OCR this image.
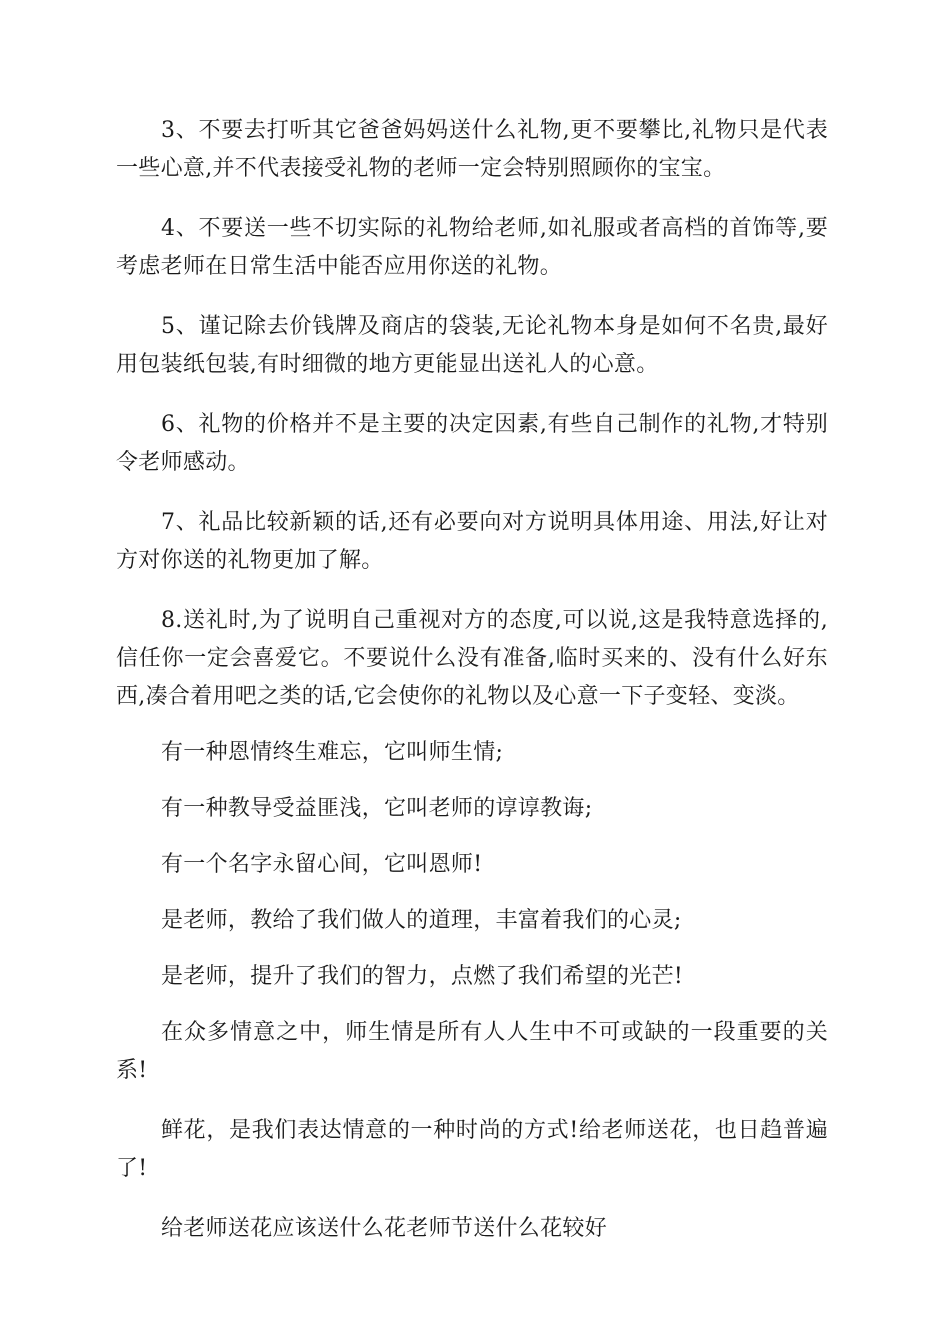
3、不要去打听其它爸爸妈妈送什么礼物,更不要攀比,礼物只是代表一些心意,并不代表接受礼物的老师一定会特别照顾你的宝宝。

4、不要送一些不切实际的礼物给老师,如礼服或者高档的首饰等,要考虑老师在日常生活中能否应用你送的礼物。

5、谨记除去价钱牌及商店的袋装,无论礼物本身是如何不名贵,最好用包装纸包装,有时细微的地方更能显出送礼人的心意。

6、礼物的价格并不是主要的决定因素,有些自己制作的礼物,才特别令老师感动。

7、礼品比较新颖的话,还有必要向对方说明具体用途、用法,好让对方对你送的礼物更加了解。

8.送礼时,为了说明自己重视对方的态度,可以说,这是我特意选择的,信任你一定会喜爱它。不要说什么没有准备,临时买来的、没有什么好东西,凑合着用吧之类的话,它会使你的礼物以及心意一下子变轻、变淡。

有一种恩情终生难忘，它叫师生情;

有一种教导受益匪浅，它叫老师的谆谆教诲;

有一个名字永留心间，它叫恩师!

是老师，教给了我们做人的道理，丰富着我们的心灵;

是老师，提升了我们的智力，点燃了我们希望的光芒!

在众多情意之中，师生情是所有人人生中不可或缺的一段重要的关系!

鲜花，是我们表达情意的一种时尚的方式!给老师送花，也日趋普遍了!

给老师送花应该送什么花老师节送什么花较好
